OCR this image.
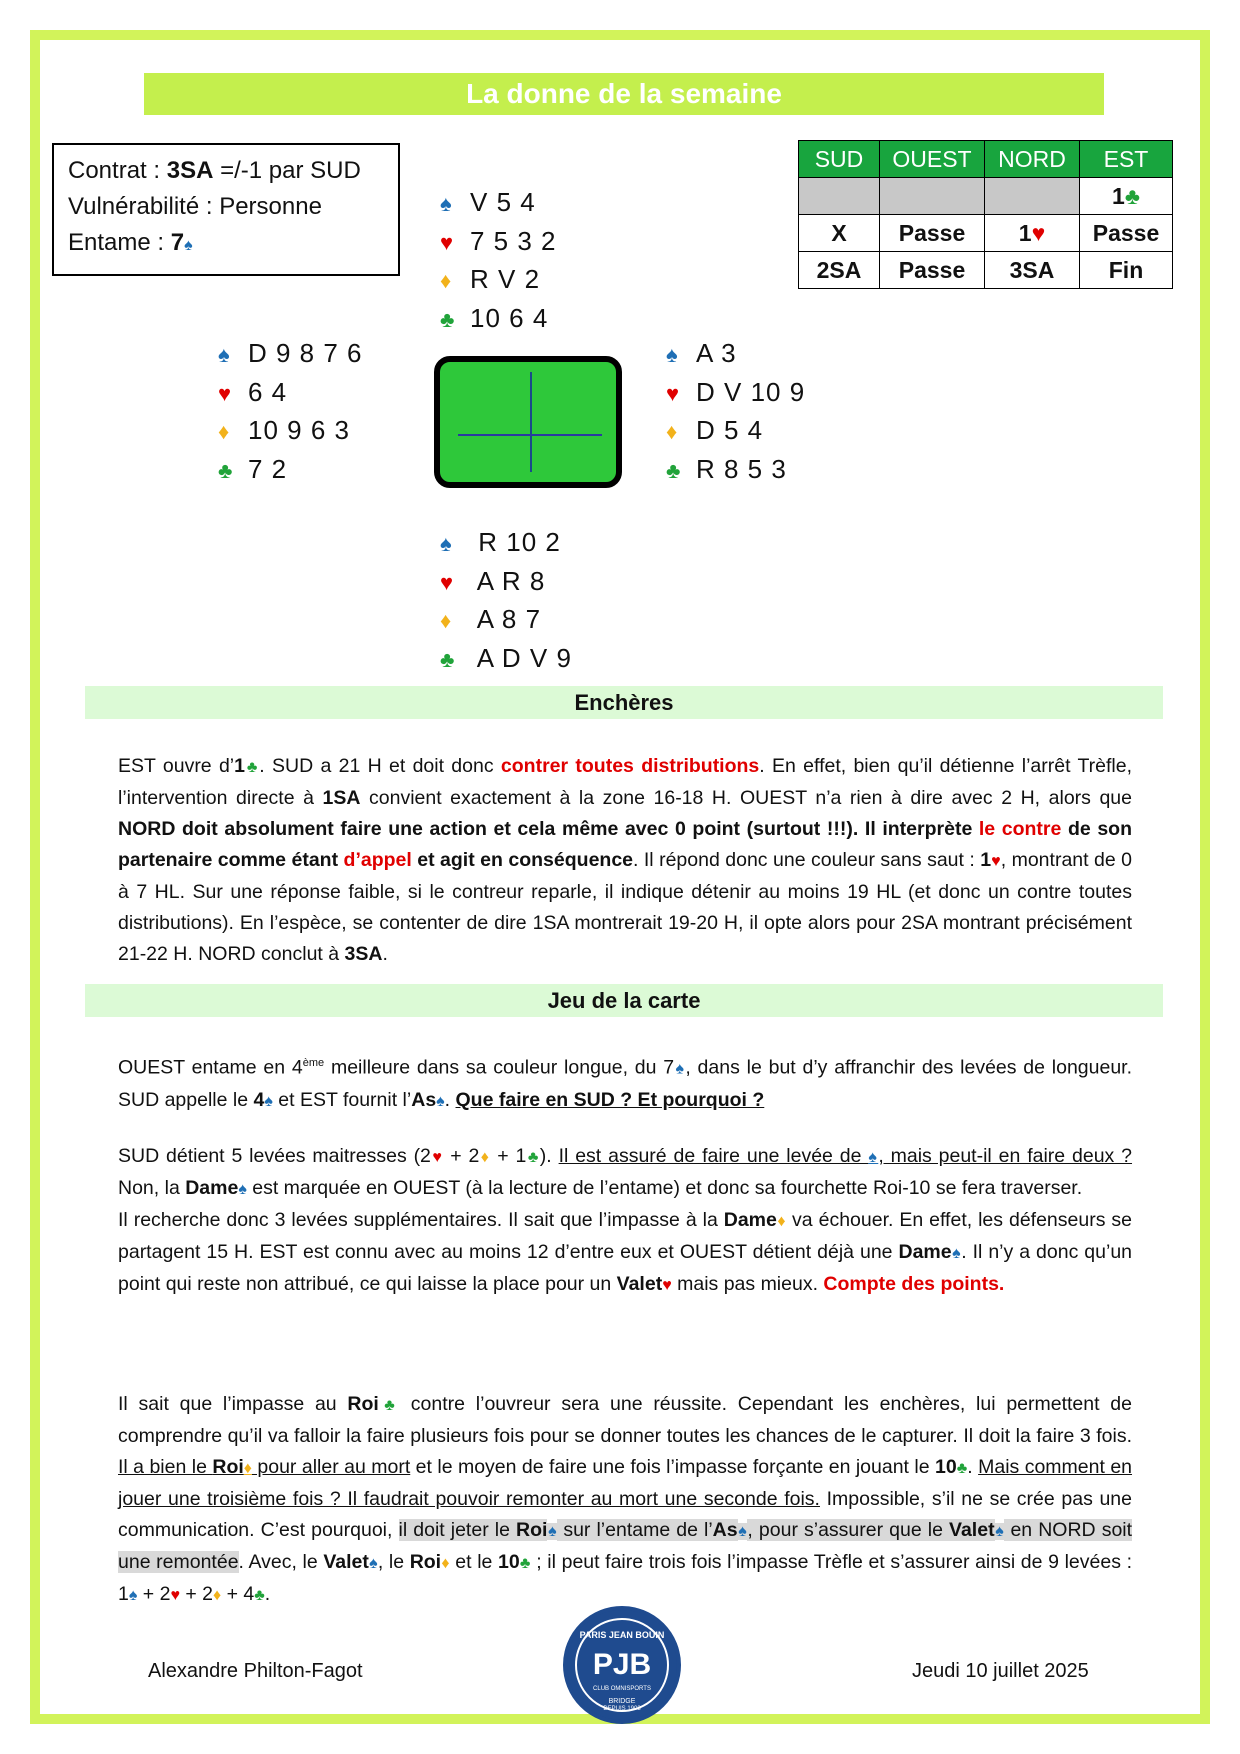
La donne de la semaine
Contrat : 3SA =/-1 par SUD
Vulnérabilité : Personne
Entame : 7♠
♠ V 5 4
♥ 7 5 3 2
♦ R V 2
♣ 10 6 4
♠ D 9 8 7 6
♥ 6 4
♦ 10 9 6 3
♣ 7 2
♠ A 3
♥ D V 10 9
♦ D 5 4
♣ R 8 5 3
♠ R 10 2
♥ A R 8
♦ A 8 7
♣ A D V 9
SUD	OUEST	NORD	EST
			1♣
X	Passe	1♥	Passe
2SA	Passe	3SA	Fin
Enchères

EST ouvre d’1♣. SUD a 21 H et doit donc contrer toutes distributions. En effet, bien qu’il détienne l’arrêt Trèfle, l’intervention directe à 1SA convient exactement à la zone 16-18 H. OUEST n’a rien à dire avec 2 H, alors que NORD doit absolument faire une action et cela même avec 0 point (surtout !!!). Il interprète le contre de son partenaire comme étant d’appel et agit en conséquence. Il répond donc une couleur sans saut : 1♥, montrant de 0 à 7 HL. Sur une réponse faible, si le contreur reparle, il indique détenir au moins 19 HL (et donc un contre toutes distributions). En l’espèce, se contenter de dire 1SA montrerait 19-20 H, il opte alors pour 2SA montrant précisément 21-22 H. NORD conclut à 3SA.

Jeu de la carte

OUEST entame en 4ème meilleure dans sa couleur longue, du 7♠, dans le but d’y affranchir des levées de longueur. SUD appelle le 4♠ et EST fournit l’As♠. Que faire en SUD ? Et pourquoi ?

SUD détient 5 levées maitresses (2♥ + 2♦ + 1♣). Il est assuré de faire une levée de ♠, mais peut-il en faire deux ? Non, la Dame♠ est marquée en OUEST (à la lecture de l’entame) et donc sa fourchette Roi-10 se fera traverser.

Il recherche donc 3 levées supplémentaires. Il sait que l’impasse à la Dame♦ va échouer. En effet, les défenseurs se partagent 15 H. EST est connu avec au moins 12 d’entre eux et OUEST détient déjà une Dame♠. Il n’y a donc qu’un point qui reste non attribué, ce qui laisse la place pour un Valet♥ mais pas mieux. Compte des points.

Il sait que l’impasse au Roi♣ contre l’ouvreur sera une réussite. Cependant les enchères, lui permettent de comprendre qu’il va falloir la faire plusieurs fois pour se donner toutes les chances de le capturer. Il doit la faire 3 fois. Il a bien le Roi♦ pour aller au mort et le moyen de faire une fois l’impasse forçante en jouant le 10♣. Mais comment en jouer une troisième fois ? Il faudrait pouvoir remonter au mort une seconde fois. Impossible, s’il ne se crée pas une communication. C’est pourquoi, il doit jeter le Roi♠ sur l’entame de l’As♠, pour s’assurer que le Valet♠ en NORD soit une remontée. Avec, le Valet♠, le Roi♦ et le 10♣ ; il peut faire trois fois l’impasse Trèfle et s’assurer ainsi de 9 levées : 1♠ + 2♥ + 2♦ + 4♣.

Alexandre Philton-Fagot
PARIS JEAN BOUIN
PJB
CLUB OMNISPORTS
BRIDGE
DEPUIS 1903
Jeudi 10 juillet 2025
